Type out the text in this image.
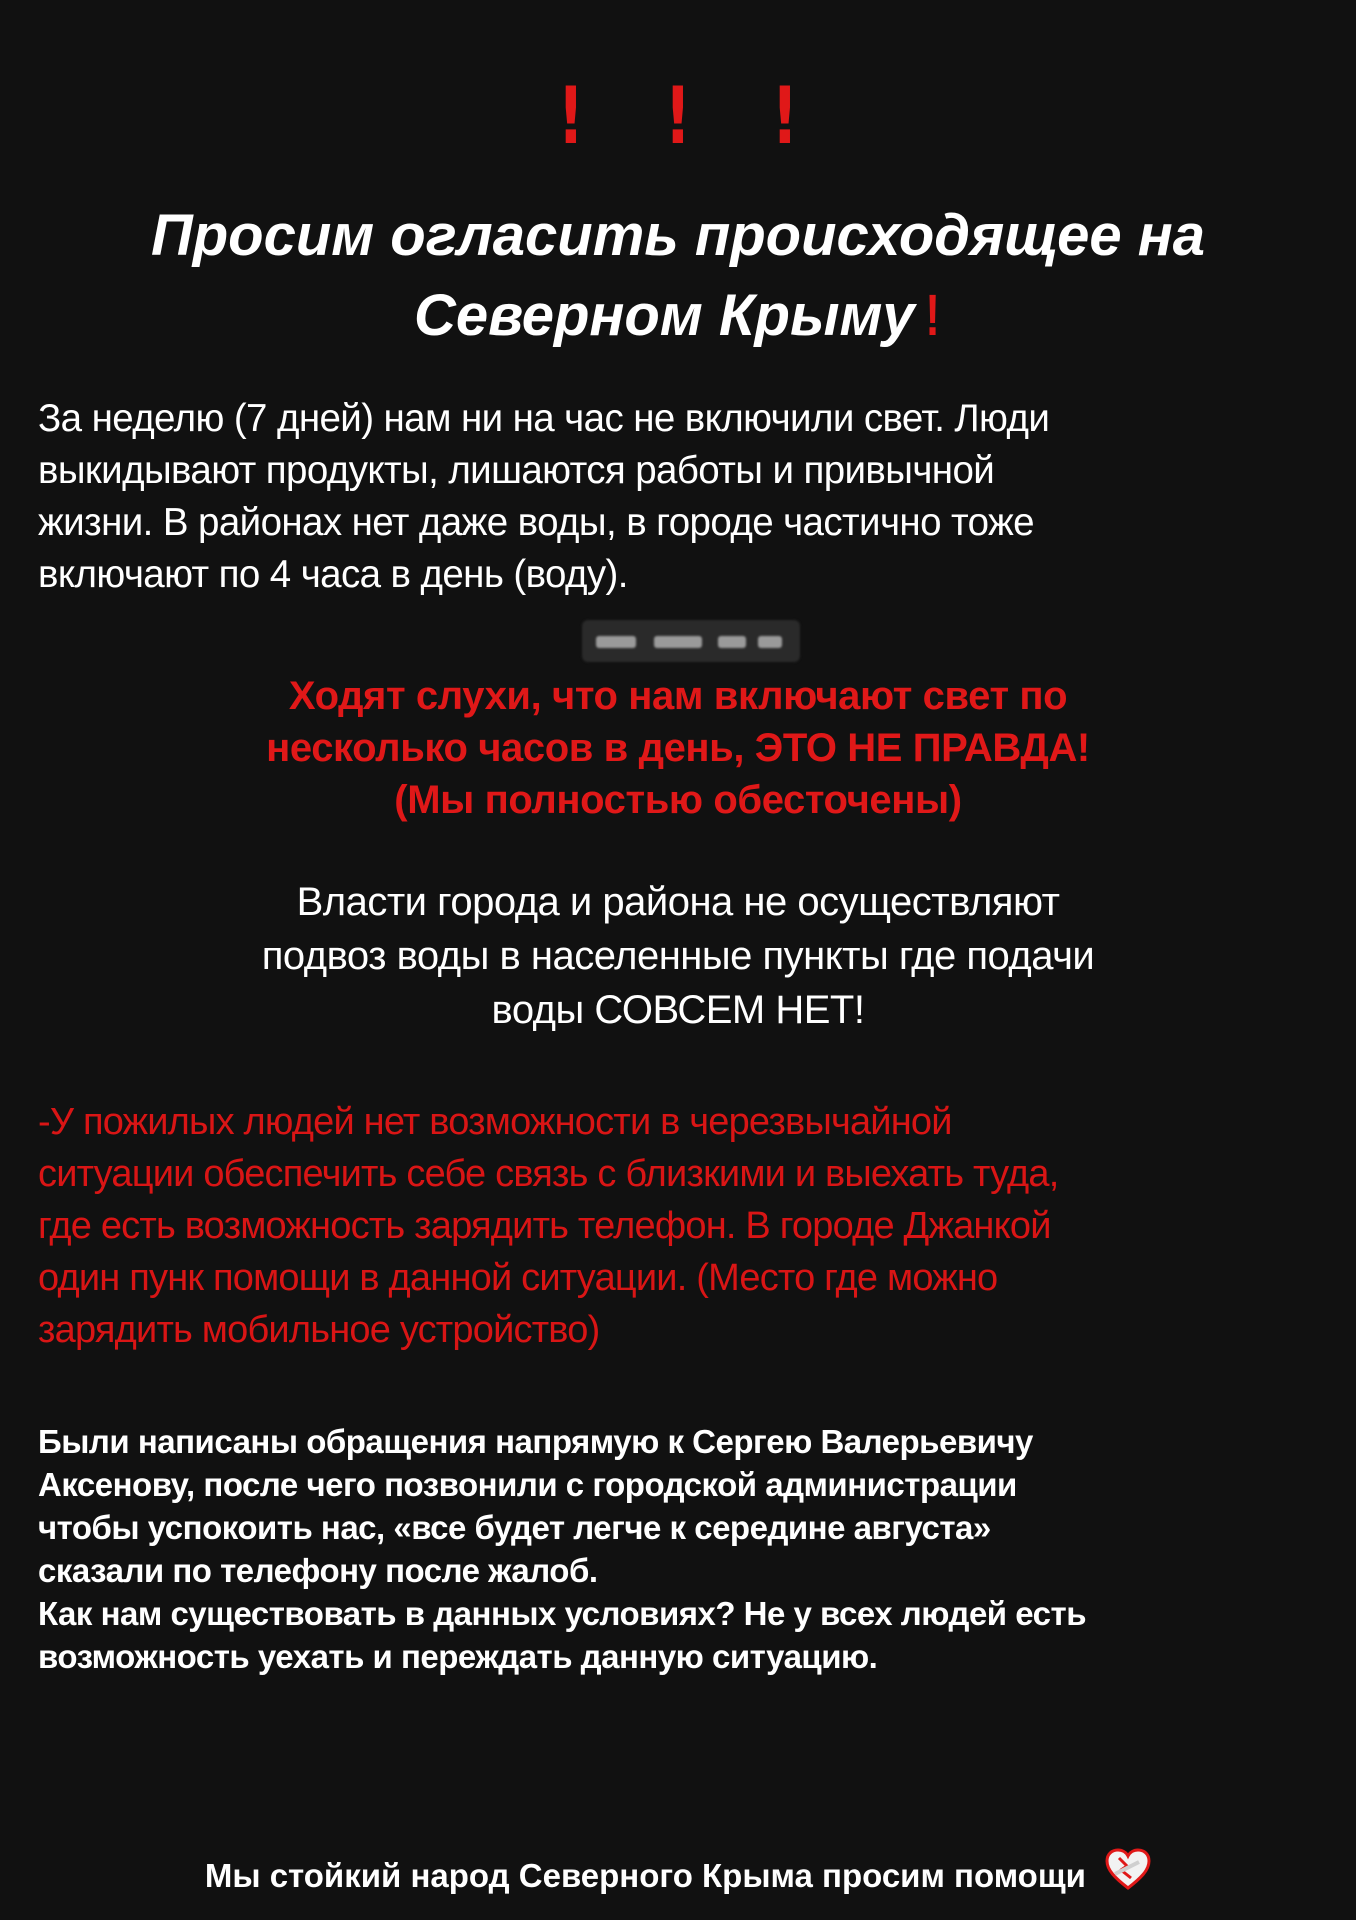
! ! !
Просим огласить происходящее на
Северном Крыму !
За неделю (7 дней) нам ни на час не включили свет. Люди
выкидывают продукты, лишаются работы и привычной
жизни. В районах нет даже воды, в городе частично тоже
включают по 4 часа в день (воду).
Ходят слухи, что нам включают свет по
несколько часов в день, ЭТО НЕ ПРАВДА!
(Мы полностью обесточены)
Власти города и района не осуществляют
подвоз воды в населенные пункты где подачи
воды СОВСЕМ НЕТ!
-У пожилых людей нет возможности в черезвычайной
ситуации обеспечить себе связь с близкими и выехать туда,
где есть возможность зарядить телефон. В городе Джанкой
один пунк помощи в данной ситуации. (Место где можно
зарядить мобильное устройство)
Были написаны обращения напрямую к Сергею Валерьевичу
Аксенову, после чего позвонили с городской администрации
чтобы успокоить нас, «все будет легче к середине августа»
сказали по телефону после жалоб.
Как нам существовать в данных условиях? Не у всех людей есть
возможность уехать и переждать данную ситуацию.
Мы стойкий народ Северного Крыма просим помощи
